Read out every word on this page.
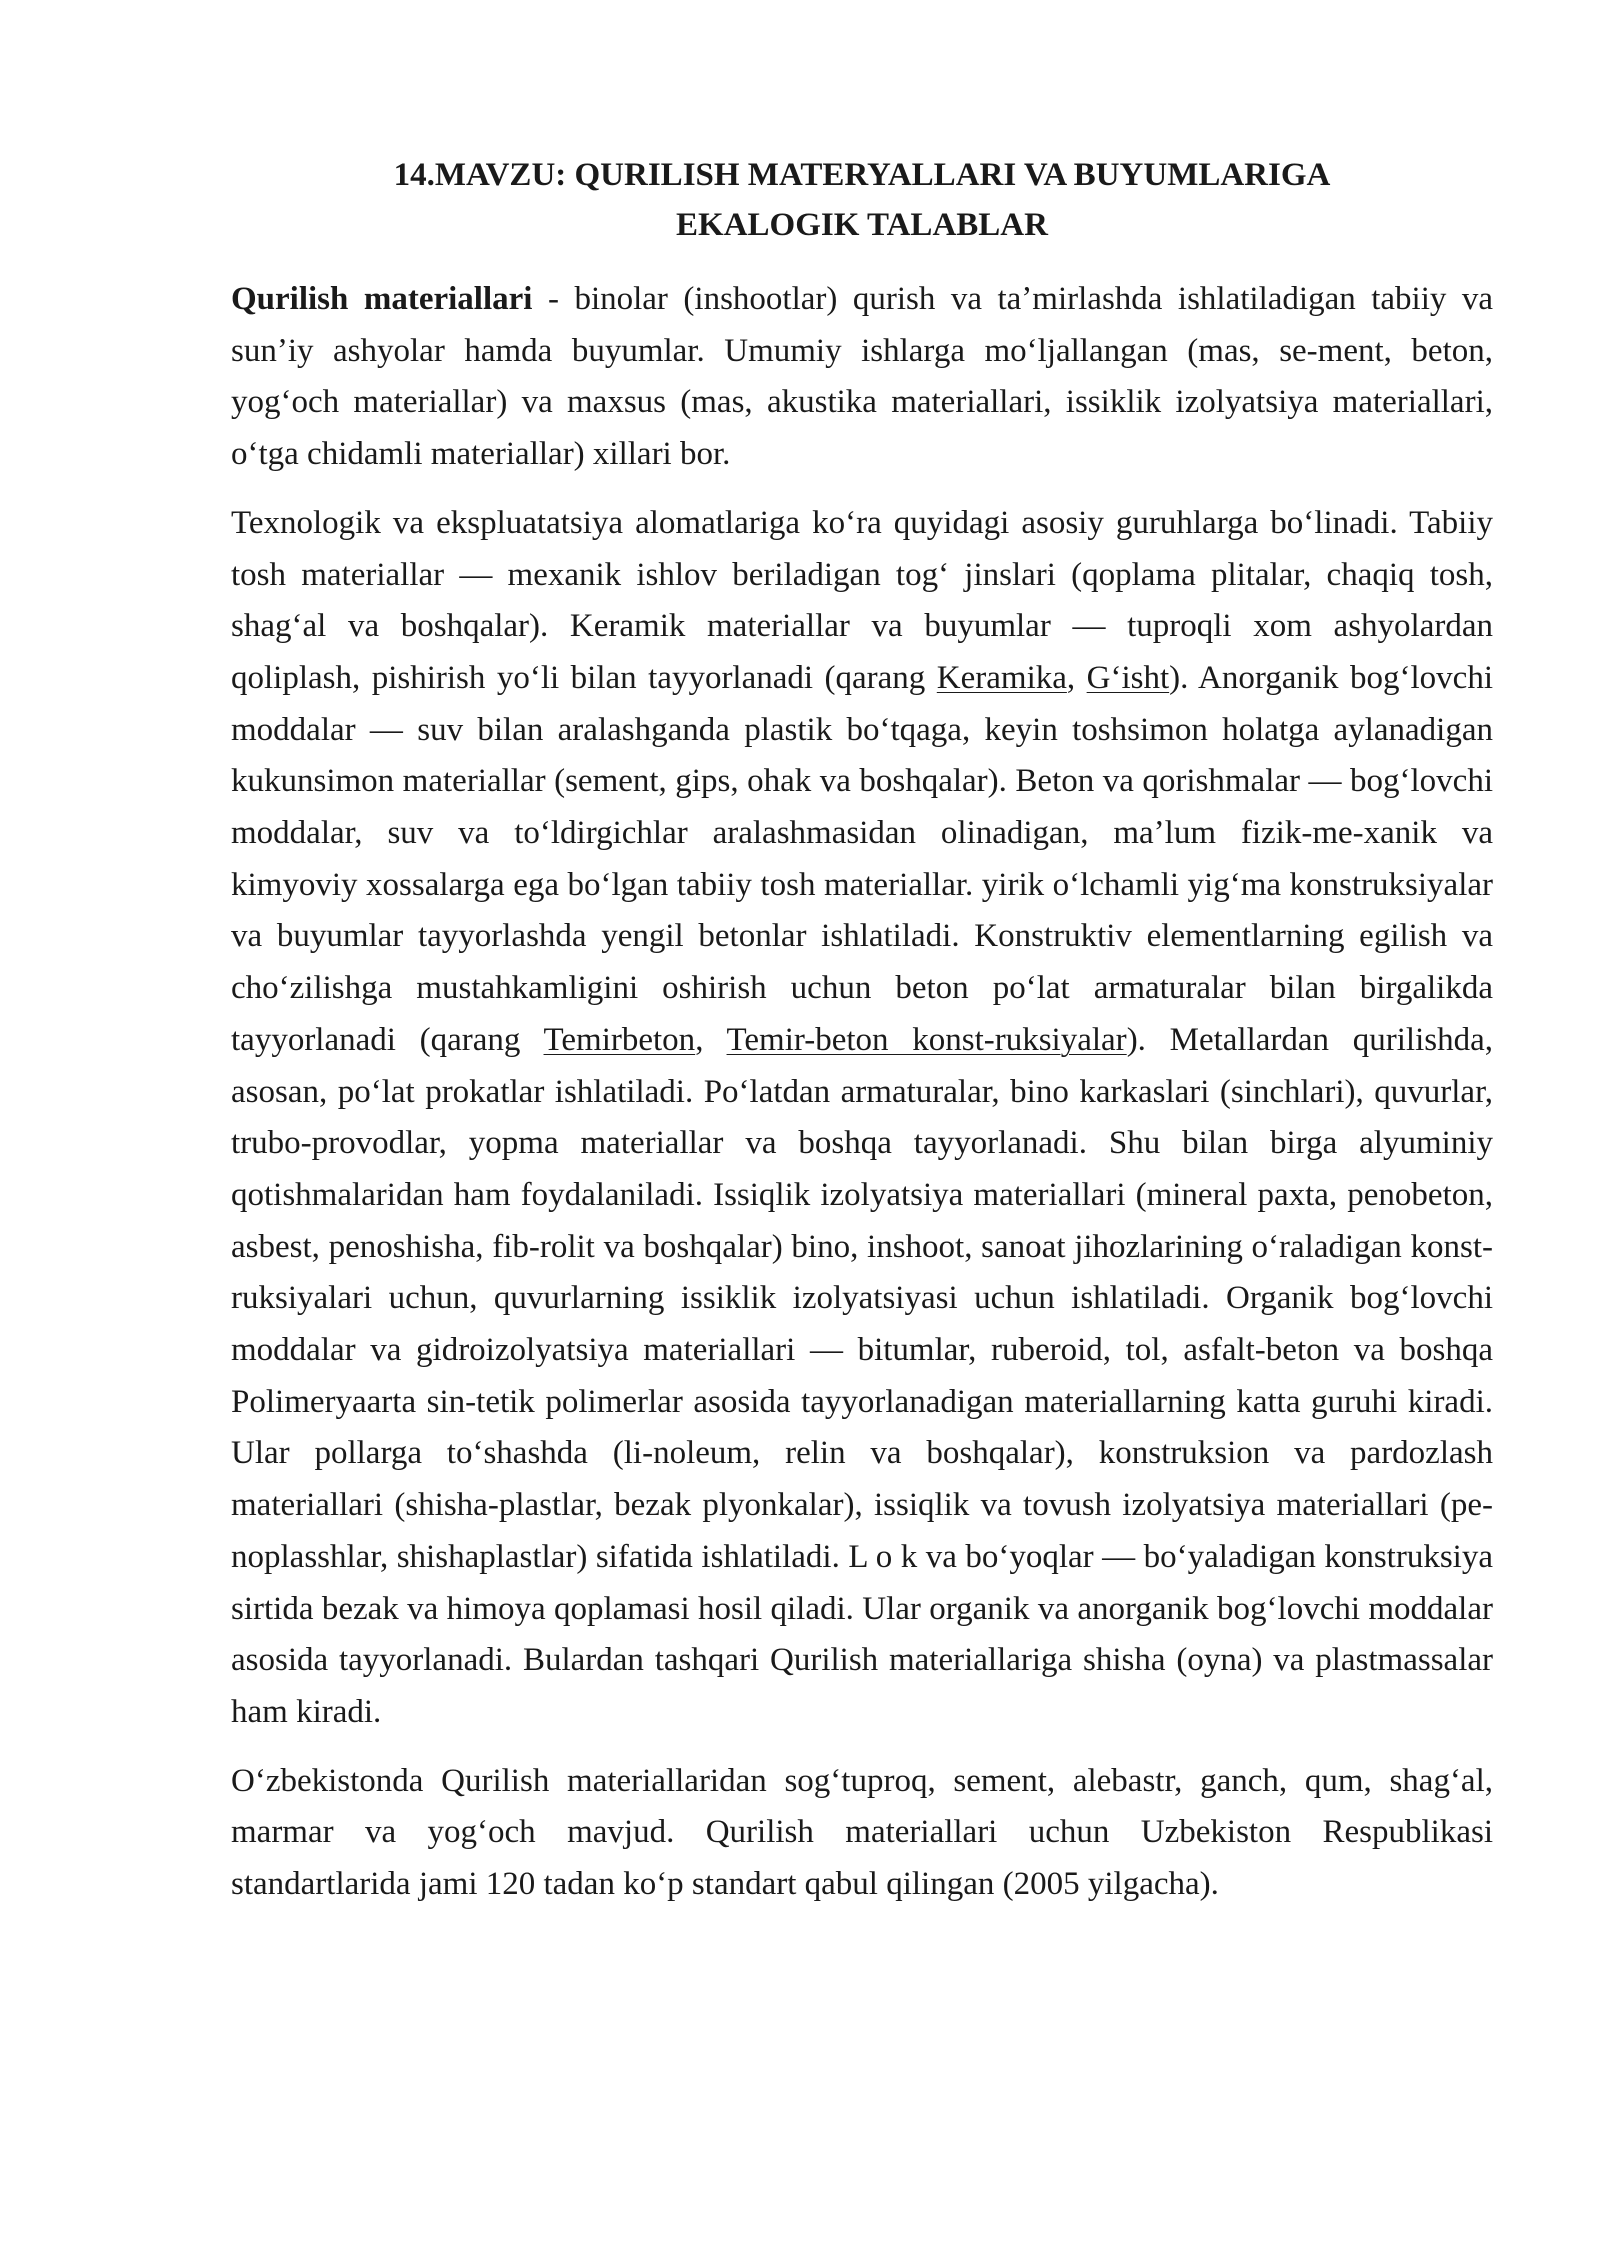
14.MAVZU: QURILISH MATERYALLARI VA BUYUMLARIGA
EKALOGIK TALABLAR

Qurilish materiallari - binolar (inshootlar) qurish va taʼmirlashda ishlatiladigan tabiiy va sunʼiy ashyolar hamda buyumlar. Umumiy ishlarga moʻljallangan (mas, se-ment, beton, yogʻoch materiallar) va maxsus (mas, akustika materiallari, issiklik izolyatsiya materiallari, oʻtga chidamli materiallar) xillari bor.

Texnologik va ekspluatatsiya alomatlariga koʻra quyidagi asosiy guruhlarga boʻlinadi. Tabiiy tosh materiallar — mexanik ishlov beriladigan togʻ jinslari (qoplama plitalar, chaqiq tosh, shagʻal va boshqalar). Keramik materiallar va buyumlar — tuproqli xom ashyolardan qoliplash, pishirish yoʻli bilan tayyorlanadi (qarang Keramika, Gʻisht). Anorganik bogʻlovchi moddalar — suv bilan aralashganda plastik boʻtqaga, keyin toshsimon holatga aylanadigan kukunsimon materiallar (sement, gips, ohak va boshqalar). Beton va qorishmalar — bogʻlovchi moddalar, suv va toʻldirgichlar aralashmasidan olinadigan, maʼlum fizik-me-xanik va kimyoviy xossalarga ega boʻlgan tabiiy tosh materiallar. yirik oʻlchamli yigʻma konstruksiyalar va buyumlar tayyorlashda yengil betonlar ishlatiladi. Konstruktiv elementlarning egilish va choʻzilishga mustahkamligini oshirish uchun beton poʻlat armaturalar bilan birgalikda tayyorlanadi (qarang Temirbeton, Temir-beton konst-ruksiyalar). Metallardan qurilishda, asosan, poʻlat prokatlar ishlatiladi. Poʻlatdan armaturalar, bino karkaslari (sinchlari), quvurlar, trubo-provodlar, yopma materiallar va boshqa tayyorlanadi. Shu bilan birga alyuminiy qotishmalaridan ham foydalaniladi. Issiqlik izolyatsiya materiallari (mineral paxta, penobeton, asbest, penoshisha, fib-rolit va boshqalar) bino, inshoot, sanoat jihozlarining oʻraladigan konst-ruksiyalari uchun, quvurlarning issiklik izolyatsiyasi uchun ishlatiladi. Organik bogʻlovchi moddalar va gidroizolyatsiya materiallari — bitumlar, ruberoid, tol, asfalt-beton va boshqa Polimeryaarta sin-tetik polimerlar asosida tayyorlanadigan materiallarning katta guruhi kiradi. Ular pollarga toʻshashda (li-noleum, relin va boshqalar), konstruksion va pardozlash materiallari (shisha-plastlar, bezak plyonkalar), issiqlik va tovush izolyatsiya materiallari (pe-noplasshlar, shishaplastlar) sifatida ishlatiladi. L o k va boʻyoqlar — boʻyaladigan konstruksiya sirtida bezak va himoya qoplamasi hosil qiladi. Ular organik va anorganik bogʻlovchi moddalar asosida tayyorlanadi. Bulardan tashqari Qurilish materiallariga shisha (oyna) va plastmassalar ham kiradi.

Oʻzbekistonda Qurilish materiallaridan sogʻtuproq, sement, alebastr, ganch, qum, shagʻal, marmar va yogʻoch mavjud. Qurilish materiallari uchun Uzbekiston Respublikasi standartlarida jami 120 tadan koʻp standart qabul qilingan (2005 yilgacha).
